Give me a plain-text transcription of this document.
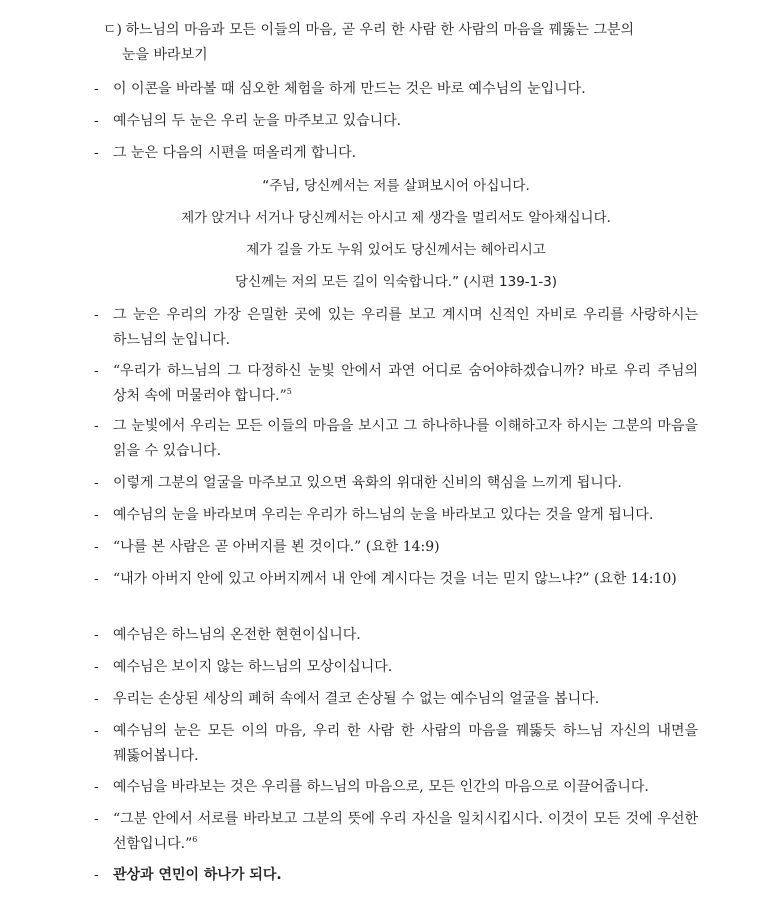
ㄷ) 하느님의 마음과 모든 이들의 마음, 곧 우리 한 사람 한 사람의 마음을 꿰뚫는 그분의
눈을 바라보기
-	이 이콘을 바라볼 때 심오한 체험을 하게 만드는 것은 바로 예수님의 눈입니다.
-	예수님의 두 눈은 우리 눈을 마주보고 있습니다.
-	그 눈은 다음의 시편을 떠올리게 합니다.
“주님, 당신께서는 저를 살펴보시어 아십니다.
제가 앉거나 서거나 당신께서는 아시고 제 생각을 멀리서도 알아채십니다.
제가 길을 가도 누워 있어도 당신께서는 헤아리시고
당신께는 저의 모든 길이 익숙합니다.” (시편 139-1-3)
-	그 눈은 우리의 가장 은밀한 곳에 있는 우리를 보고 계시며 신적인 자비로 우리를 사랑하시는 하느님의 눈입니다.
-	“우리가 하느님의 그 다정하신 눈빛 안에서 과연 어디로 숨어야하겠습니까? 바로 우리 주님의 상처 속에 머물러야 합니다.”$^5$
-	그 눈빛에서 우리는 모든 이들의 마음을 보시고 그 하나하나를 이해하고자 하시는 그분의 마음을 읽을 수 있습니다.
-	이렇게 그분의 얼굴을 마주보고 있으면 육화의 위대한 신비의 핵심을 느끼게 됩니다.
-	예수님의 눈을 바라보며 우리는 우리가 하느님의 눈을 바라보고 있다는 것을 알게 됩니다.
-	“나를 본 사람은 곧 아버지를 뵌 것이다.” (요한 14:9)
-	“내가 아버지 안에 있고 아버지께서 내 안에 계시다는 것을 너는 믿지 않느냐?” (요한 14:10)
-	예수님은 하느님의 온전한 현현이십니다.
-	예수님은 보이지 않는 하느님의 모상이십니다.
-	우리는 손상된 세상의 폐허 속에서 결코 손상될 수 없는 예수님의 얼굴을 봅니다.
-	예수님의 눈은 모든 이의 마음, 우리 한 사람 한 사람의 마음을 꿰뚫듯 하느님 자신의 내면을 꿰뚫어봅니다.
-	예수님을 바라보는 것은 우리를 하느님의 마음으로, 모든 인간의 마음으로 이끌어줍니다.
-	“그분 안에서 서로를 바라보고 그분의 뜻에 우리 자신을 일치시킵시다. 이것이 모든 것에 우선한 선함입니다.”$^6$
-	관상과 연민이 하나가 되다.
